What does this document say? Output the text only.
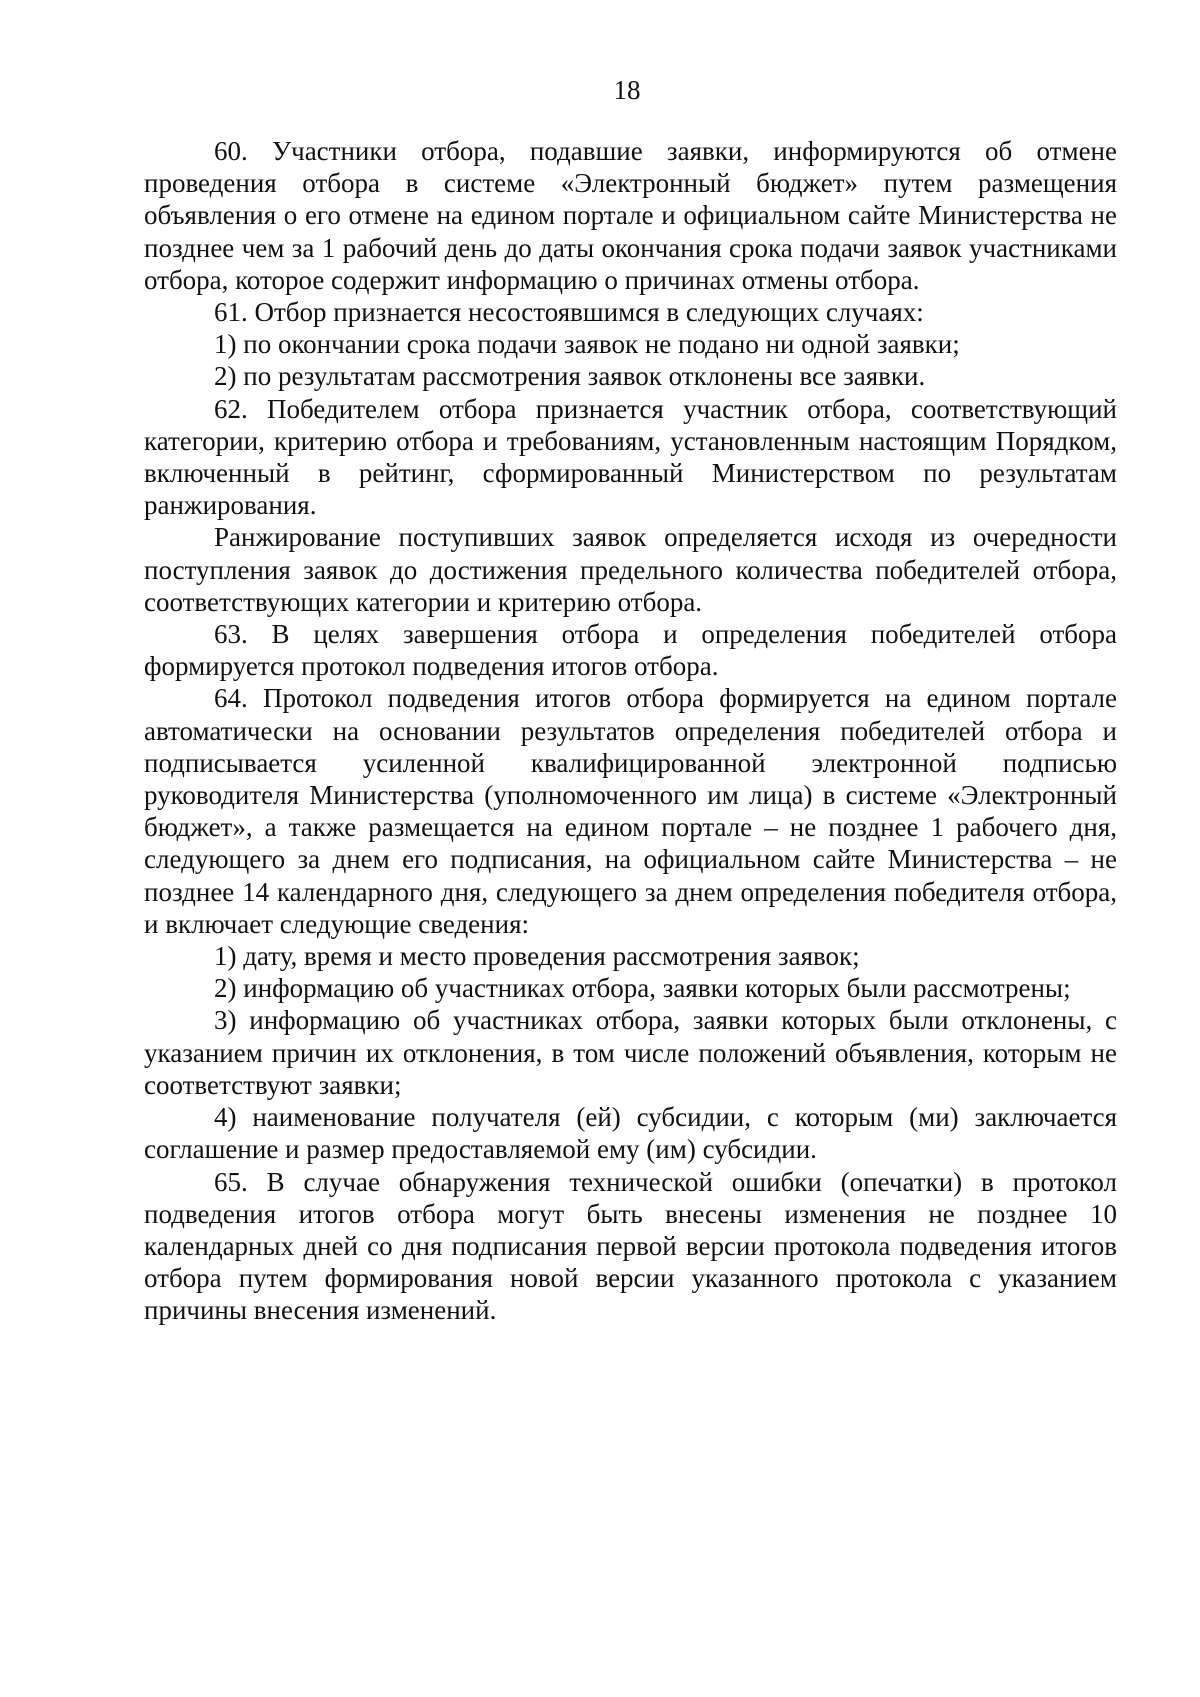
18

60. Участники отбора, подавшие заявки, информируются об отмене проведения отбора в системе «Электронный бюджет» путем размещения объявления о его отмене на едином портале и официальном сайте Министерства не позднее чем за 1 рабочий день до даты окончания срока подачи заявок участниками отбора, которое содержит информацию о причинах отмены отбора.

61. Отбор признается несостоявшимся в следующих случаях:

1) по окончании срока подачи заявок не подано ни одной заявки;

2) по результатам рассмотрения заявок отклонены все заявки.

62. Победителем отбора признается участник отбора, соответствующий категории, критерию отбора и требованиям, установленным настоящим Порядком, включенный в рейтинг, сформированный Министерством по результатам ранжирования.

Ранжирование поступивших заявок определяется исходя из очередности поступления заявок до достижения предельного количества победителей отбора, соответствующих категории и критерию отбора.

63. В целях завершения отбора и определения победителей отбора формируется протокол подведения итогов отбора.

64. Протокол подведения итогов отбора формируется на едином портале автоматически на основании результатов определения победителей отбора и подписывается усиленной квалифицированной электронной подписью руководителя Министерства (уполномоченного им лица) в системе «Электронный бюджет», а также размещается на едином портале – не позднее 1 рабочего дня, следующего за днем его подписания, на официальном сайте Министерства – не позднее 14 календарного дня, следующего за днем определения победителя отбора, и включает следующие сведения:

1) дату, время и место проведения рассмотрения заявок;

2) информацию об участниках отбора, заявки которых были рассмотрены;

3) информацию об участниках отбора, заявки которых были отклонены, с указанием причин их отклонения, в том числе положений объявления, которым не соответствуют заявки;

4) наименование получателя (ей) субсидии, с которым (ми) заключается соглашение и размер предоставляемой ему (им) субсидии.

65. В случае обнаружения технической ошибки (опечатки) в протокол подведения итогов отбора могут быть внесены изменения не позднее 10 календарных дней со дня подписания первой версии протокола подведения итогов отбора путем формирования новой версии указанного протокола с указанием причины внесения изменений.
